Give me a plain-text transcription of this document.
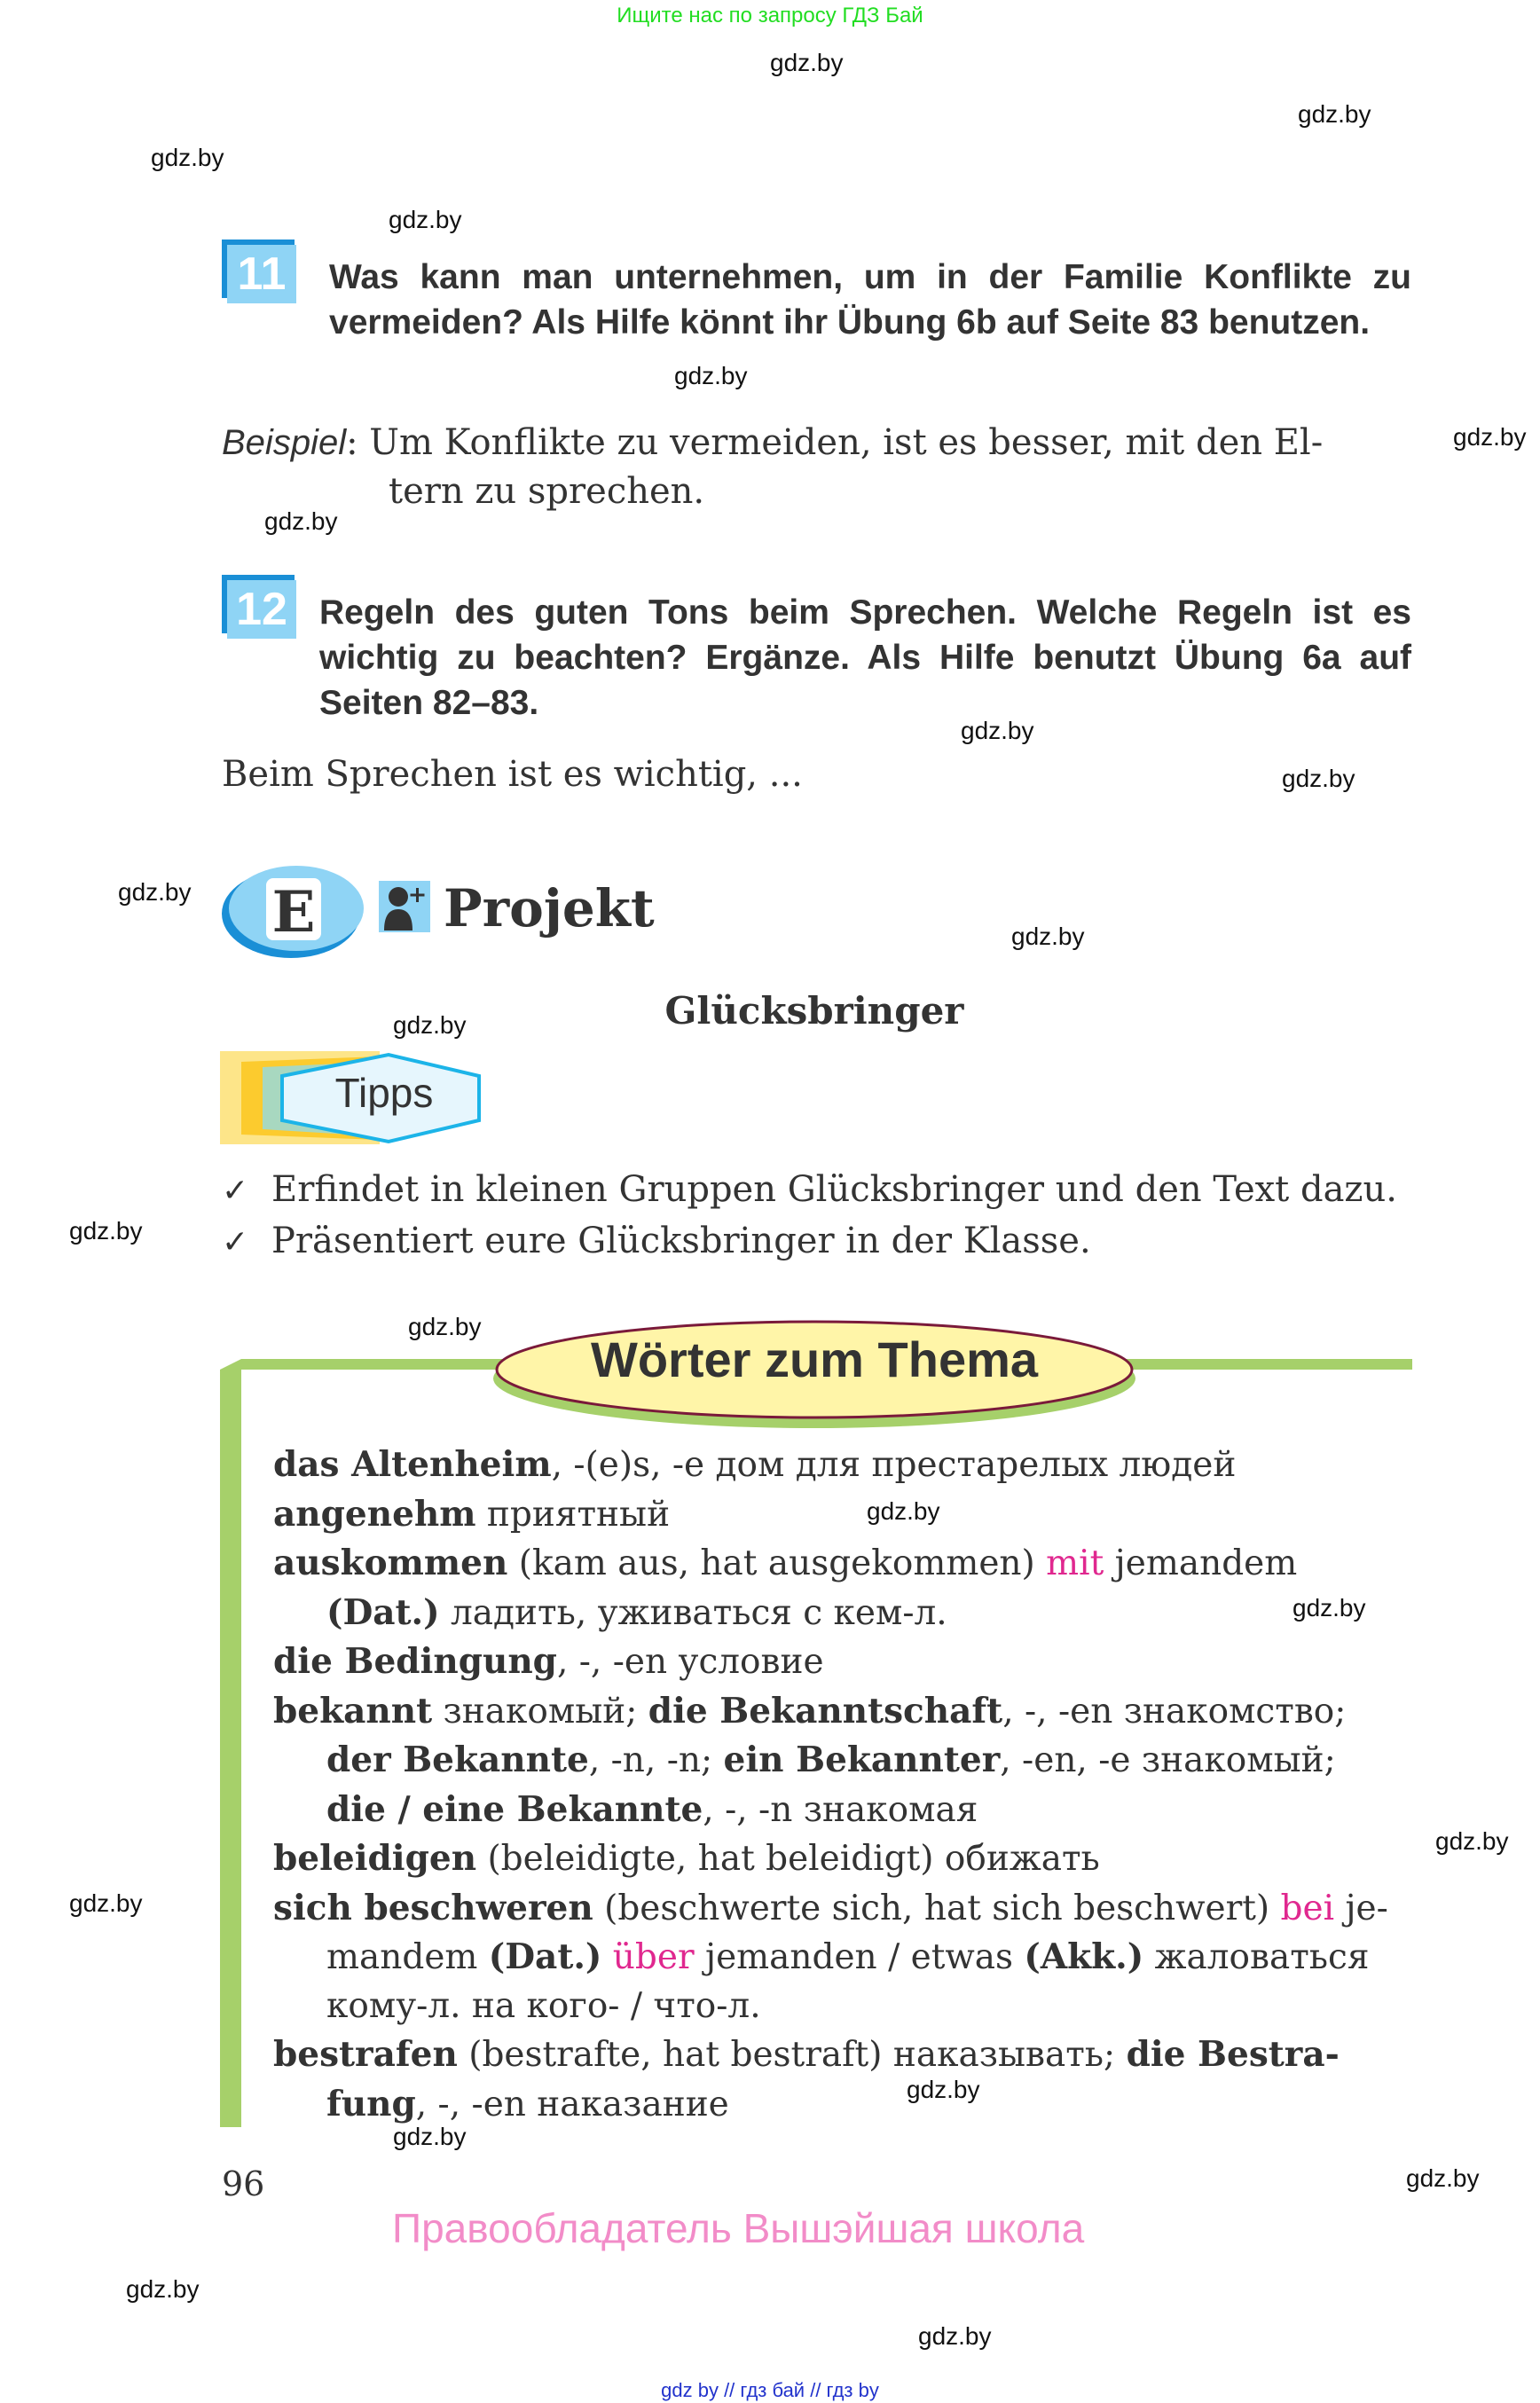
Ищите нас по запросу ГДЗ Бай
gdz.by
gdz.by
gdz.by
gdz.by
gdz.by
gdz.by
gdz.by
gdz.by
gdz.by
gdz.by
gdz.by
gdz.by
gdz.by
gdz.by
gdz.by
gdz.by
gdz.by
gdz.by
gdz.by
gdz.by
gdz.by
gdz.by
gdz.by
11 Was kann man unternehmen, um in der Familie Konflikte zu vermeiden? Als Hilfe könnt ihr Übung 6b auf Seite 83 benutzen.
Beispiel: Um Konflikte zu vermeiden, ist es besser, mit den El-
tern zu sprechen.
12 Regeln des guten Tons beim Sprechen. Welche Regeln ist es wichtig zu beachten? Ergänze. Als Hilfe benutzt Übung 6a auf Seiten 82–83.
Beim Sprechen ist es wichtig, ...
E Projekt
Glücksbringer
Tipps
✓ Erfindet in kleinen Gruppen Glücksbringer und den Text dazu.
✓ Präsentiert eure Glücksbringer in der Klasse.
Wörter zum Thema
das Altenheim, -(e)s, -e дом для престарелых людей
angenehm приятный
auskommen (kam aus, hat ausgekommen) mit jemandem
(Dat.) ладить, уживаться с кем-л.
die Bedingung, -, -en условие
bekannt знакомый; die Bekanntschaft, -, -en знакомство;
der Bekannte, -n, -n; ein Bekannter, -en, -e знакомый;
die / eine Bekannte, -, -n знакомая
beleidigen (beleidigte, hat beleidigt) обижать
sich beschweren (beschwerte sich, hat sich beschwert) bei je-
mandem (Dat.) über jemanden / etwas (Akk.) жаловаться
кому-л. на кого- / что-л.
bestrafen (bestrafte, hat bestraft) наказывать; die Bestra-
fung, -, -en наказание
96
Правообладатель Вышэйшая школа
gdz by // гдз бай // гдз by
